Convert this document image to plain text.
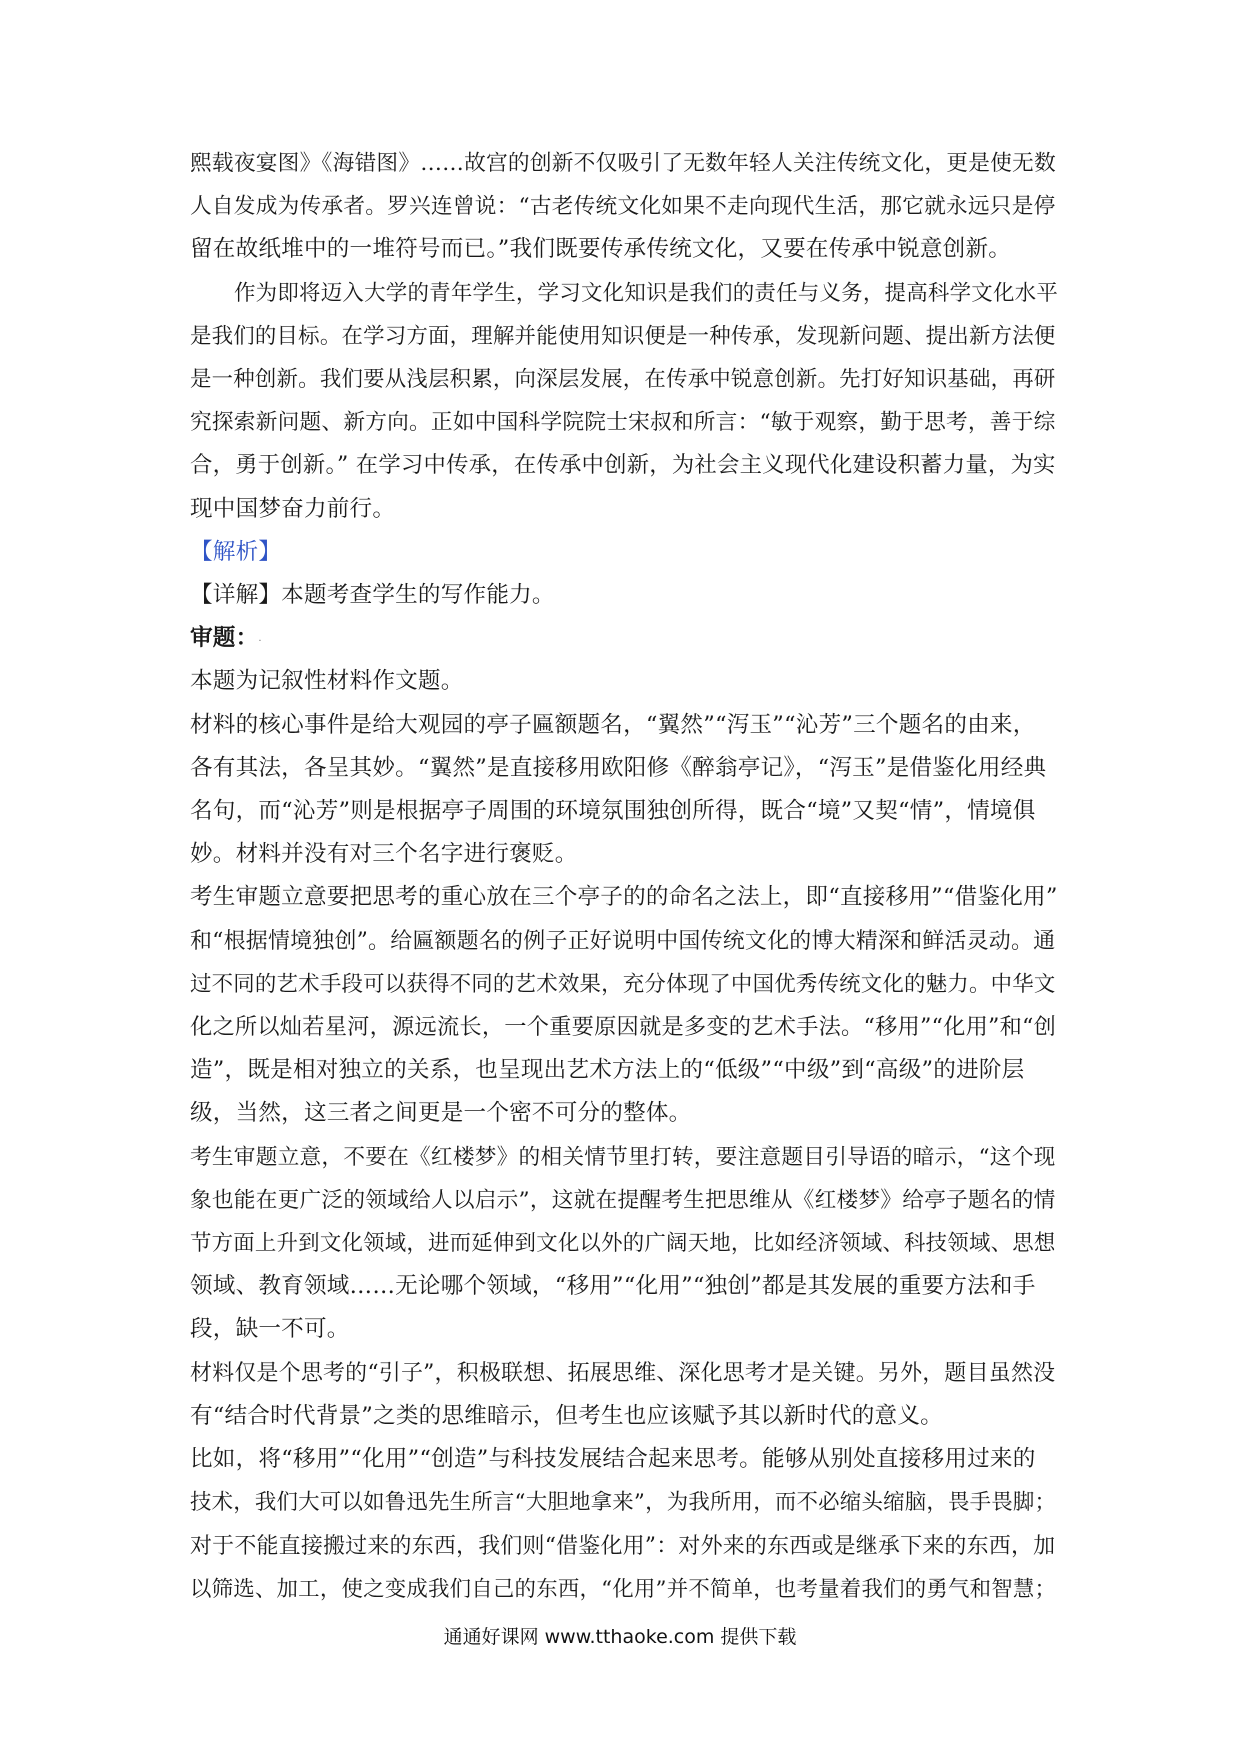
熙载夜宴图》《海错图》……故宫的创新不仅吸引了无数年轻人关注传统文化，更是使无数

人自发成为传承者。罗兴连曾说：“古老传统文化如果不走向现代生活，那它就永远只是停

留在故纸堆中的一堆符号而已。”我们既要传承传统文化，又要在传承中锐意创新。

作为即将迈入大学的青年学生，学习文化知识是我们的责任与义务，提高科学文化水平

是我们的目标。在学习方面，理解并能使用知识便是一种传承，发现新问题、提出新方法便

是一种创新。我们要从浅层积累，向深层发展，在传承中锐意创新。先打好知识基础，再研

究探索新问题、新方向。正如中国科学院院士宋叔和所言：“敏于观察，勤于思考，善于综

合，勇于创新。” 在学习中传承，在传承中创新，为社会主义现代化建设积蓄力量，为实

现中国梦奋力前行。

【解析】

【详解】本题考查学生的写作能力。

审题：.

本题为记叙性材料作文题。

材料的核心事件是给大观园的亭子匾额题名，“翼然”“泻玉”“沁芳”三个题名的由来，

各有其法，各呈其妙。“翼然”是直接移用欧阳修《醉翁亭记》，“泻玉”是借鉴化用经典

名句，而“沁芳”则是根据亭子周围的环境氛围独创所得，既合“境”又契“情”，情境俱

妙。材料并没有对三个名字进行褒贬。

考生审题立意要把思考的重心放在三个亭子的的命名之法上，即“直接移用”“借鉴化用”

和“根据情境独创”。给匾额题名的例子正好说明中国传统文化的博大精深和鲜活灵动。通

过不同的艺术手段可以获得不同的艺术效果，充分体现了中国优秀传统文化的魅力。中华文

化之所以灿若星河，源远流长，一个重要原因就是多变的艺术手法。“移用”“化用”和“创

造”，既是相对独立的关系，也呈现出艺术方法上的“低级”“中级”到“高级”的进阶层

级，当然，这三者之间更是一个密不可分的整体。

考生审题立意，不要在《红楼梦》的相关情节里打转，要注意题目引导语的暗示，“这个现

象也能在更广泛的领域给人以启示”，这就在提醒考生把思维从《红楼梦》给亭子题名的情

节方面上升到文化领域，进而延伸到文化以外的广阔天地，比如经济领域、科技领域、思想

领域、教育领域……无论哪个领域，“移用”“化用”“独创”都是其发展的重要方法和手

段，缺一不可。

材料仅是个思考的“引子”，积极联想、拓展思维、深化思考才是关键。另外，题目虽然没

有“结合时代背景”之类的思维暗示，但考生也应该赋予其以新时代的意义。

比如，将“移用”“化用”“创造”与科技发展结合起来思考。能够从别处直接移用过来的

技术，我们大可以如鲁迅先生所言“大胆地拿来”，为我所用，而不必缩头缩脑，畏手畏脚；

对于不能直接搬过来的东西，我们则“借鉴化用”：对外来的东西或是继承下来的东西，加

以筛选、加工，使之变成我们自己的东西，“化用”并不简单，也考量着我们的勇气和智慧；

通通好课网 www.tthaoke.com 提供下载
